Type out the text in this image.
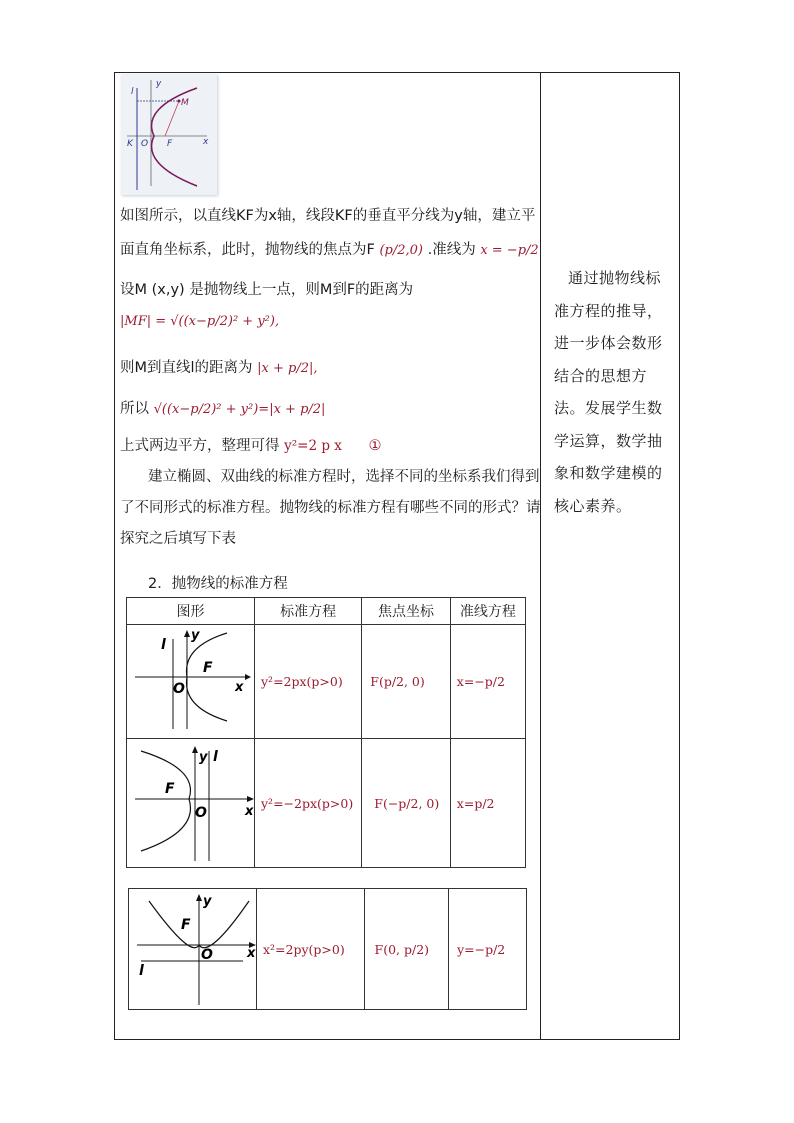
y
x
l
M
K O F
如图所示，以直线KF为x轴，线段KF的垂直平分线为y轴，建立平
面直角坐标系，此时，抛物线的焦点为F (p/2,0) .准线为 x = −p/2
设M (x,y) 是抛物线上一点，则M到F的距离为
|MF| = √((x−p/2)² + y²),
则M到直线l的距离为 |x + p/2|,
所以 √((x−p/2)² + y²)=|x + p/2|
上式两边平方，整理可得 y²=2 p x ①
建立椭圆、双曲线的标准方程时，选择不同的坐标系我们得到
了不同形式的标准方程。抛物线的标准方程有哪些不同的形式？请
探究之后填写下表
2．抛物线的标准方程
图形	标准方程	焦点坐标	准线方程

l
y
F
O x	y²=2px(p>0)	F(p/2, 0)	x=−p/2

y l
F
O x	y²=−2px(p>0)	F(−p/2, 0)	x=p/2
y
F
O
l
x	x²=2py(p>0)	F(0, p/2)	y=−p/2
通过抛物线标准方程的推导，进一步体会数形结合的思想方法。发展学生数学运算，数学抽象和数学建模的核心素养。
